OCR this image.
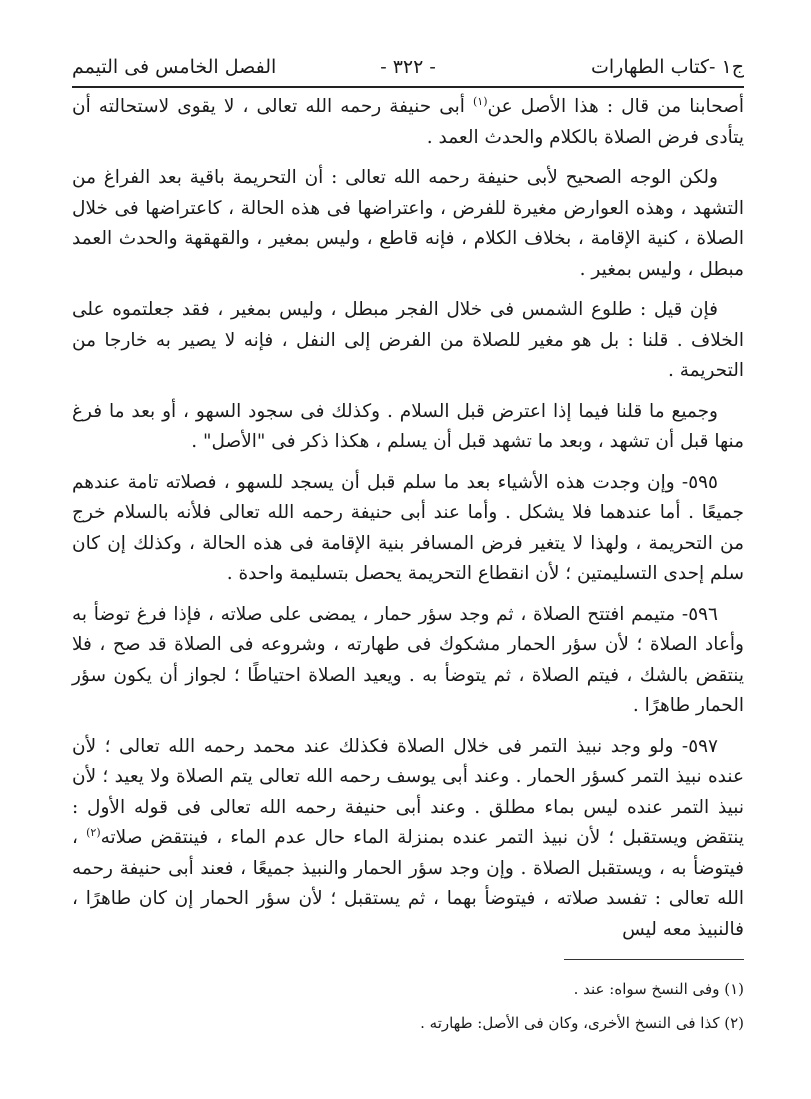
ج١ -كتاب الطهارات
- ٣٢٢ -
الفصل الخامس فى التيمم

أصحابنا من قال : هذا الأصل عن$^{(١)}$ أبى حنيفة رحمه الله تعالى ، لا يقوى لاستحالته أن يتأدى فرض الصلاة بالكلام والحدث العمد .

ولكن الوجه الصحيح لأبى حنيفة رحمه الله تعالى : أن التحريمة باقية بعد الفراغ من التشهد ، وهذه العوارض مغيرة للفرض ، واعتراضها فى هذه الحالة ، كاعتراضها فى خلال الصلاة ، كنية الإقامة ، بخلاف الكلام ، فإنه قاطع ، وليس بمغير ، والقهقهة والحدث العمد مبطل ، وليس بمغير .

فإن قيل : طلوع الشمس فى خلال الفجر مبطل ، وليس بمغير ، فقد جعلتموه على الخلاف . قلنا : بل هو مغير للصلاة من الفرض إلى النفل ، فإنه لا يصير به خارجا من التحريمة .

وجميع ما قلنا فيما إذا اعترض قبل السلام . وكذلك فى سجود السهو ، أو بعد ما فرغ منها قبل أن تشهد ، وبعد ما تشهد قبل أن يسلم ، هكذا ذكر فى "الأصل" .

٥٩٥- وإن وجدت هذه الأشياء بعد ما سلم قبل أن يسجد للسهو ، فصلاته تامة عندهم جميعًا . أما عندهما فلا يشكل . وأما عند أبى حنيفة رحمه الله تعالى فلأنه بالسلام خرج من التحريمة ، ولهذا لا يتغير فرض المسافر بنية الإقامة فى هذه الحالة ، وكذلك إن كان سلم إحدى التسليمتين ؛ لأن انقطاع التحريمة يحصل بتسليمة واحدة .

٥٩٦- متيمم افتتح الصلاة ، ثم وجد سؤر حمار ، يمضى على صلاته ، فإذا فرغ توضأ به وأعاد الصلاة ؛ لأن سؤر الحمار مشكوك فى طهارته ، وشروعه فى الصلاة قد صح ، فلا ينتقض بالشك ، فيتم الصلاة ، ثم يتوضأ به . ويعيد الصلاة احتياطًا ؛ لجواز أن يكون سؤر الحمار طاهرًا .

٥٩٧- ولو وجد نبيذ التمر فى خلال الصلاة فكذلك عند محمد رحمه الله تعالى ؛ لأن عنده نبيذ التمر كسؤر الحمار . وعند أبى يوسف رحمه الله تعالى يتم الصلاة ولا يعيد ؛ لأن نبيذ التمر عنده ليس بماء مطلق . وعند أبى حنيفة رحمه الله تعالى فى قوله الأول : ينتقض ويستقبل ؛ لأن نبيذ التمر عنده بمنزلة الماء حال عدم الماء ، فينتقض صلاته$^{(٢)}$ ، فيتوضأ به ، ويستقبل الصلاة . وإن وجد سؤر الحمار والنبيذ جميعًا ، فعند أبى حنيفة رحمه الله تعالى : تفسد صلاته ، فيتوضأ بهما ، ثم يستقبل ؛ لأن سؤر الحمار إن كان طاهرًا ، فالنبيذ معه ليس

(١) وفى النسخ سواه: عند .

(٢) كذا فى النسخ الأخرى، وكان فى الأصل: طهارته .
